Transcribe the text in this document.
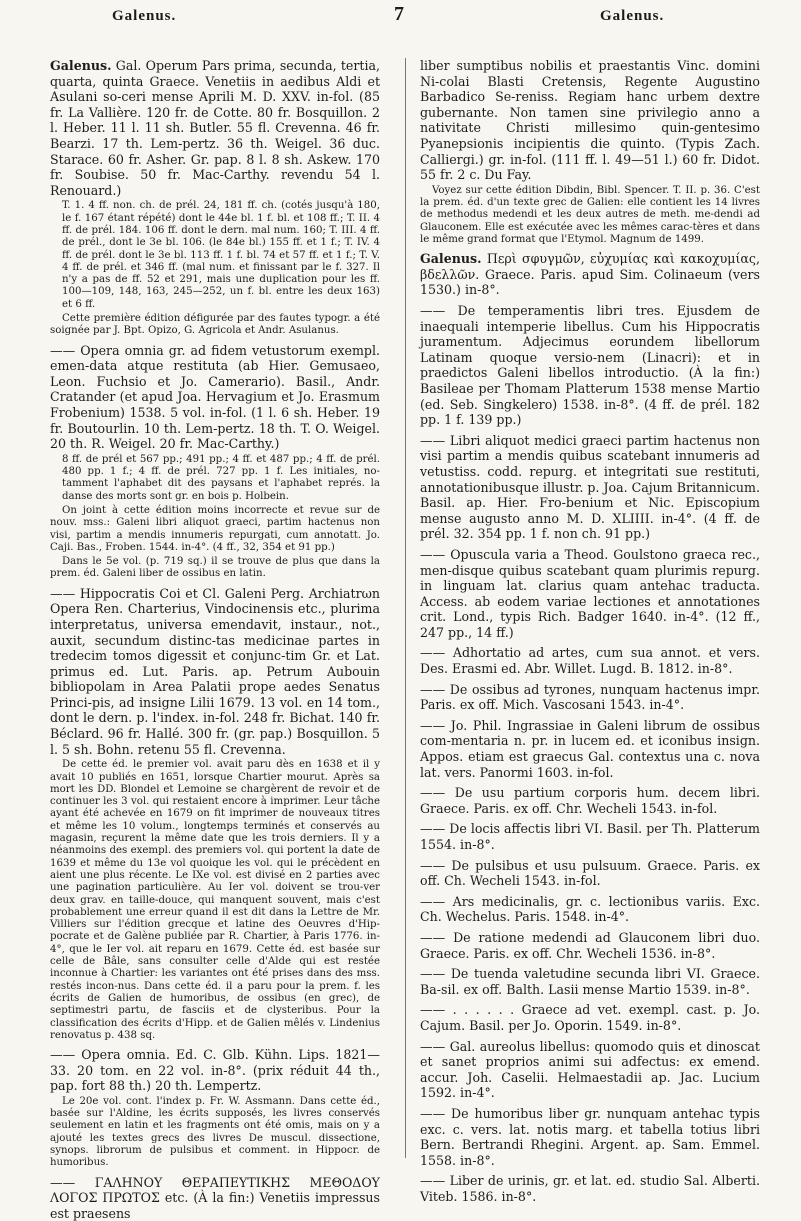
Galenus.	7	Galenus.

Galenus. Gal. Operum Pars prima, secunda, tertia, quarta, quinta Graece. Venetiis in aedibus Aldi et Asulani so-ceri mense Aprili M. D. XXV. in-fol. (85 fr. La Vallière. 120 fr. de Cotte. 80 fr. Bosquillon. 2 l. Heber. 11 l. 11 sh. Butler. 55 fl. Crevenna. 46 fr. Bearzi. 17 th. Lem-pertz. 36 th. Weigel. 36 duc. Starace. 60 fr. Asher. Gr. pap. 8 l. 8 sh. Askew. 170 fr. Soubise. 50 fr. Mac-Carthy. revendu 54 l. Renouard.)

T. 1. 4 ff. non. ch. de prél. 24, 181 ff. ch. (cotés jusqu'à 180, le f. 167 étant répété) dont le 44e bl. 1 f. bl. et 108 ff.; T. II. 4 ff. de prél. 184. 106 ff. dont le dern. mal num. 160; T. III. 4 ff. de prél., dont le 3e bl. 106. (le 84e bl.) 155 ff. et 1 f.; T. IV. 4 ff. de prél. dont le 3e bl. 113 ff. 1 f. bl. 74 et 57 ff. et 1 f.; T. V. 4 ff. de prél. et 346 ff. (mal num. et finissant par le f. 327. Il n'y a pas de ff. 52 et 291, mais une duplication pour les ff. 100—109, 148, 163, 245—252, un f. bl. entre les deux 163) et 6 ff.

Cette première édition défigurée par des fautes typogr. a été soignée par J. Bpt. Opizo, G. Agricola et Andr. Asulanus.

—— Opera omnia gr. ad fidem vetustorum exempl. emen-data atque restituta (ab Hier. Gemusaeo, Leon. Fuchsio et Jo. Camerario). Basil., Andr. Cratander (et apud Joa. Hervagium et Jo. Erasmum Frobenium) 1538. 5 vol. in-fol. (1 l. 6 sh. Heber. 19 fr. Boutourlin. 10 th. Lem-pertz. 18 th. T. O. Weigel. 20 th. R. Weigel. 20 fr. Mac-Carthy.)

8 ff. de prél et 567 pp.; 491 pp.; 4 ff. et 487 pp.; 4 ff. de prél. 480 pp. 1 f.; 4 ff. de prél. 727 pp. 1 f. Les initiales, no-tamment l'aphabet dit des paysans et l'aphabet représ. la danse des morts sont gr. en bois p. Holbein.

On joint à cette édition moins incorrecte et revue sur de nouv. mss.: Galeni libri aliquot graeci, partim hactenus non visi, partim a mendis innumeris repurgati, cum annotatt. Jo. Caji. Bas., Froben. 1544. in-4°. (4 ff., 32, 354 et 91 pp.)

Dans le 5e vol. (p. 719 sq.) il se trouve de plus que dans la prem. éd. Galeni liber de ossibus en latin.

—— Hippocratis Coi et Cl. Galeni Perg. Archiatrωn Opera Ren. Charterius, Vindocinensis etc., plurima interpretatus, universa emendavit, instaur., not., auxit, secundum distinc-tas medicinae partes in tredecim tomos digessit et conjunc-tim Gr. et Lat. primus ed. Lut. Paris. ap. Petrum Aubouin bibliopolam in Area Palatii prope aedes Senatus Princi-pis, ad insigne Lilii 1679. 13 vol. en 14 tom., dont le dern. p. l'index. in-fol. 248 fr. Bichat. 140 fr. Béclard. 96 fr. Hallé. 300 fr. (gr. pap.) Bosquillon. 5 l. 5 sh. Bohn. retenu 55 fl. Crevenna.

De cette éd. le premier vol. avait paru dès en 1638 et il y avait 10 publiés en 1651, lorsque Chartier mourut. Après sa mort les DD. Blondel et Lemoine se chargèrent de revoir et de continuer les 3 vol. qui restaient encore à imprimer. Leur tâche ayant été achevée en 1679 on fit imprimer de nouveaux titres et même les 10 volum., longtemps terminés et conservés au magasin, reçurent la même date que les trois derniers. Il y a néanmoins des exempl. des premiers vol. qui portent la date de 1639 et même du 13e vol quoique les vol. qui le précèdent en aient une plus récente. Le IXe vol. est divisé en 2 parties avec une pagination particulière. Au Ier vol. doivent se trou-ver deux grav. en taille-douce, qui manquent souvent, mais c'est probablement une erreur quand il est dit dans la Lettre de Mr. Villiers sur l'édition grecque et latine des Oeuvres d'Hip-pocrate et de Galène publiée par R. Chartier, à Paris 1776. in-4°, que le Ier vol. ait reparu en 1679. Cette éd. est basée sur celle de Bâle, sans consulter celle d'Alde qui est restée inconnue à Chartier: les variantes ont été prises dans des mss. restés incon-nus. Dans cette éd. il a paru pour la prem. f. les écrits de Galien de humoribus, de ossibus (en grec), de septimestri partu, de fasciis et de clysteribus. Pour la classification des écrits d'Hipp. et de Galien mêlés v. Lindenius renovatus p. 438 sq.

—— Opera omnia. Ed. C. Glb. Kühn. Lips. 1821—33. 20 tom. en 22 vol. in-8°. (prix réduit 44 th., pap. fort 88 th.) 20 th. Lempertz.

Le 20e vol. cont. l'index p. Fr. W. Assmann. Dans cette éd., basée sur l'Aldine, les écrits supposés, les livres conservés seulement en latin et les fragments ont été omis, mais on y a ajouté les textes grecs des livres De muscul. dissectione, synops. librorum de pulsibus et comment. in Hippocr. de humoribus.

—— ΓΑΛΗΝΟΥ ΘΕΡΑΠΕΥΤΙΚΗΣ ΜΕΘΟΔΟΥ ΛΟΓΟΣ ΠΡΩΤΟΣ etc. (À la fin:) Venetiis impressus est praesens

liber sumptibus nobilis et praestantis Vinc. domini Ni-colai Blasti Cretensis, Regente Augustino Barbadico Se-reniss. Regiam hanc urbem dextre gubernante. Non tamen sine privilegio anno a nativitate Christi millesimo quin-gentesimo Pyanepsionis incipientis die quinto. (Typis Zach. Calliergi.) gr. in-fol. (111 ff. l. 49—51 l.) 60 fr. Didot. 55 fr. 2 c. Du Fay.

Voyez sur cette édition Dibdin, Bibl. Spencer. T. II. p. 36. C'est la prem. éd. d'un texte grec de Galien: elle contient les 14 livres de methodus medendi et les deux autres de meth. me-dendi ad Glauconem. Elle est exécutée avec les mêmes carac-tères et dans le même grand format que l'Etymol. Magnum de 1499.

Galenus. Περὶ σφυγμῶν, εὐχυμίας καὶ κακοχυμίας, βδελλῶν. Graece. Paris. apud Sim. Colinaeum (vers 1530.) in-8°.

—— De temperamentis libri tres. Ejusdem de inaequali intemperie libellus. Cum his Hippocratis juramentum. Adjecimus eorundem libellorum Latinam quoque versio-nem (Linacri): et in praedictos Galeni libellos introductio. (À la fin:) Basileae per Thomam Platterum 1538 mense Martio (ed. Seb. Singkelero) 1538. in-8°. (4 ff. de prél. 182 pp. 1 f. 139 pp.)

—— Libri aliquot medici graeci partim hactenus non visi partim a mendis quibus scatebant innumeris ad vetustiss. codd. repurg. et integritati sue restituti, annotationibusque illustr. p. Joa. Cajum Britannicum. Basil. ap. Hier. Fro-benium et Nic. Episcopium mense augusto anno M. D. XLIIII. in-4°. (4 ff. de prél. 32. 354 pp. 1 f. non ch. 91 pp.)

—— Opuscula varia a Theod. Goulstono graeca rec., men-disque quibus scatebant quam plurimis repurg. in linguam lat. clarius quam antehac traducta. Access. ab eodem variae lectiones et annotationes crit. Lond., typis Rich. Badger 1640. in-4°. (12 ff., 247 pp., 14 ff.)

—— Adhortatio ad artes, cum sua annot. et vers. Des. Erasmi ed. Abr. Willet. Lugd. B. 1812. in-8°.

—— De ossibus ad tyrones, nunquam hactenus impr. Paris. ex off. Mich. Vascosani 1543. in-4°.

—— Jo. Phil. Ingrassiae in Galeni librum de ossibus com-mentaria n. pr. in lucem ed. et iconibus insign. Appos. etiam est graecus Gal. contextus una c. nova lat. vers. Panormi 1603. in-fol.

—— De usu partium corporis hum. decem libri. Graece. Paris. ex off. Chr. Wecheli 1543. in-fol.

—— De locis affectis libri VI. Basil. per Th. Platterum 1554. in-8°.

—— De pulsibus et usu pulsuum. Graece. Paris. ex off. Ch. Wecheli 1543. in-fol.

—— Ars medicinalis, gr. c. lectionibus variis. Exc. Ch. Wechelus. Paris. 1548. in-4°.

—— De ratione medendi ad Glauconem libri duo. Graece. Paris. ex off. Chr. Wecheli 1536. in-8°.

—— De tuenda valetudine secunda libri VI. Graece. Ba-sil. ex off. Balth. Lasii mense Martio 1539. in-8°.

—— . . . . . . Graece ad vet. exempl. cast. p. Jo. Cajum. Basil. per Jo. Oporin. 1549. in-8°.

—— Gal. aureolus libellus: quomodo quis et dinoscat et sanet proprios animi sui adfectus: ex emend. accur. Joh. Caselii. Helmaestadii ap. Jac. Lucium 1592. in-4°.

—— De humoribus liber gr. nunquam antehac typis exc. c. vers. lat. notis marg. et tabella totius libri Bern. Bertrandi Rhegini. Argent. ap. Sam. Emmel. 1558. in-8°.

—— Liber de urinis, gr. et lat. ed. studio Sal. Alberti. Viteb. 1586. in-8°.
